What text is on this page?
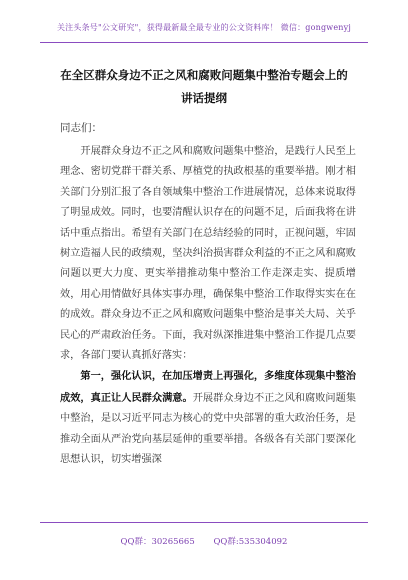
关注头条号"公文研究"，获得最新最全最专业的公文资料库！ 微信：gongwenyj
在全区群众身边不正之风和腐败问题集中整治专题会上的
讲话提纲
同志们：

开展群众身边不正之风和腐败问题集中整治，是践行人民至上理念、密切党群干群关系、厚植党的执政根基的重要举措。刚才相关部门分别汇报了各自领域集中整治工作进展情况，总体来说取得了明显成效。同时，也要清醒认识存在的问题不足，后面我将在讲话中重点指出。希望有关部门在总结经验的同时，正视问题，牢固树立造福人民的政绩观，坚决纠治损害群众利益的不正之风和腐败问题以更大力度、更实举措推动集中整治工作走深走实、提质增效，用心用情做好具体实事办理，确保集中整治工作取得实实在在的成效。群众身边不正之风和腐败问题集中整治是事关大局、关乎民心的严肃政治任务。下面，我对纵深推进集中整治工作提几点要求，各部门要认真抓好落实：

第一，强化认识，在加压增责上再强化，多维度体现集中整治成效，真正让人民群众满意。开展群众身边不正之风和腐败问题集中整治，是以习近平同志为核心的党中央部署的重大政治任务，是推动全面从严治党向基层延伸的重要举措。各级各有关部门要深化思想认识，切实增强深

QQ群：30265665 QQ群:535304092
